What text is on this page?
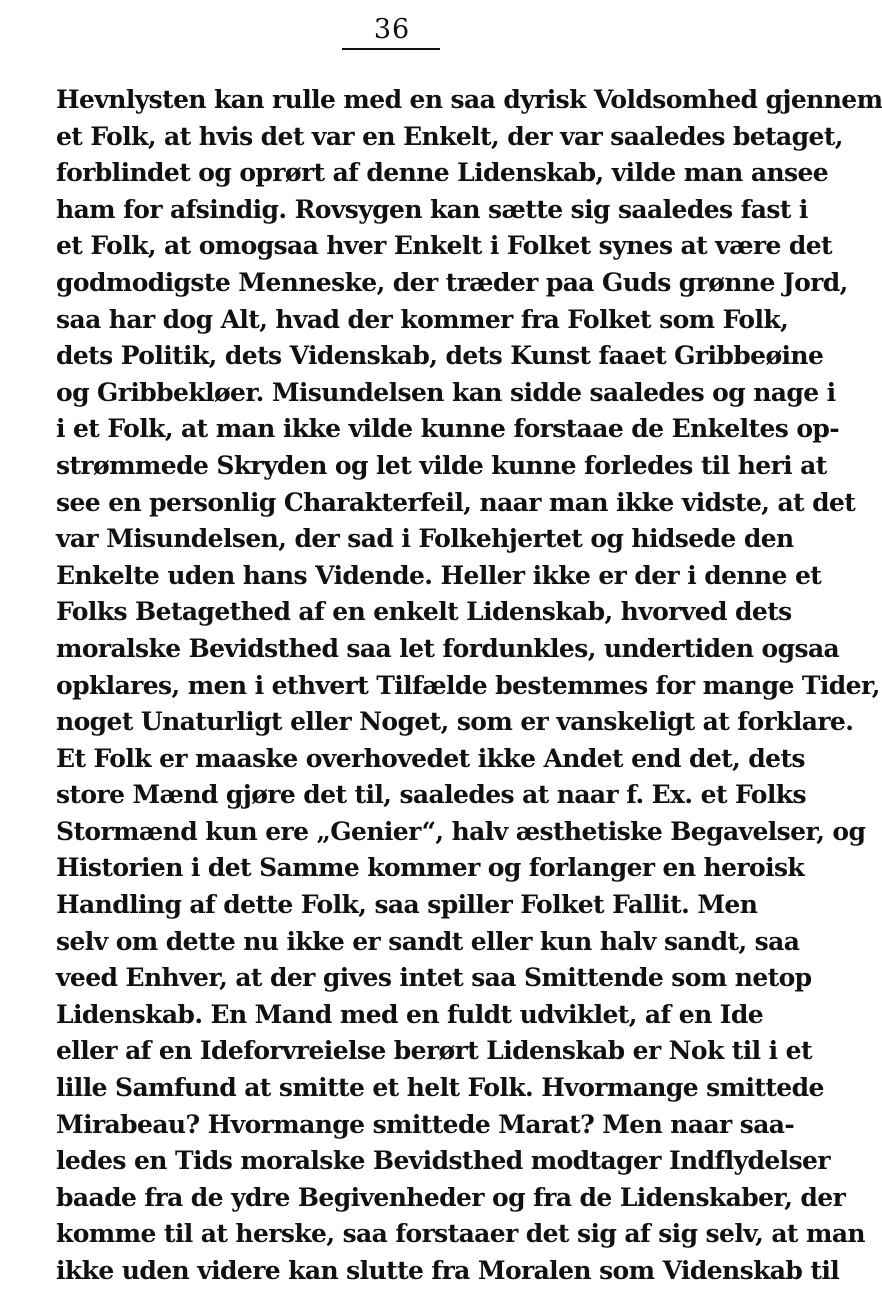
36
Hevnlysten kan rulle med en saa dyrisk Voldsomhed gjennem
et Folk, at hvis det var en Enkelt, der var saaledes betaget,
forblindet og oprørt af denne Lidenskab, vilde man ansee
ham for afsindig. Rovsygen kan sætte sig saaledes fast i
et Folk, at omogsaa hver Enkelt i Folket synes at være det
godmodigste Menneske, der træder paa Guds grønne Jord,
saa har dog Alt, hvad der kommer fra Folket som Folk,
dets Politik, dets Videnskab, dets Kunst faaet Gribbeøine
og Gribbekløer. Misundelsen kan sidde saaledes og nage i
i et Folk, at man ikke vilde kunne forstaae de Enkeltes op-
strømmede Skryden og let vilde kunne forledes til heri at
see en personlig Charakterfeil, naar man ikke vidste, at det
var Misundelsen, der sad i Folkehjertet og hidsede den
Enkelte uden hans Vidende. Heller ikke er der i denne et
Folks Betagethed af en enkelt Lidenskab, hvorved dets
moralske Bevidsthed saa let fordunkles, undertiden ogsaa
opklares, men i ethvert Tilfælde bestemmes for mange Tider,
noget Unaturligt eller Noget, som er vanskeligt at forklare.
Et Folk er maaske overhovedet ikke Andet end det, dets
store Mænd gjøre det til, saaledes at naar f. Ex. et Folks
Stormænd kun ere „Genier“, halv æsthetiske Begavelser, og
Historien i det Samme kommer og forlanger en heroisk
Handling af dette Folk, saa spiller Folket Fallit. Men
selv om dette nu ikke er sandt eller kun halv sandt, saa
veed Enhver, at der gives intet saa Smittende som netop
Lidenskab. En Mand med en fuldt udviklet, af en Ide
eller af en Ideforvreielse berørt Lidenskab er Nok til i et
lille Samfund at smitte et helt Folk. Hvormange smittede
Mirabeau? Hvormange smittede Marat? Men naar saa-
ledes en Tids moralske Bevidsthed modtager Indflydelser
baade fra de ydre Begivenheder og fra de Lidenskaber, der
komme til at herske, saa forstaaer det sig af sig selv, at man
ikke uden videre kan slutte fra Moralen som Videnskab til
